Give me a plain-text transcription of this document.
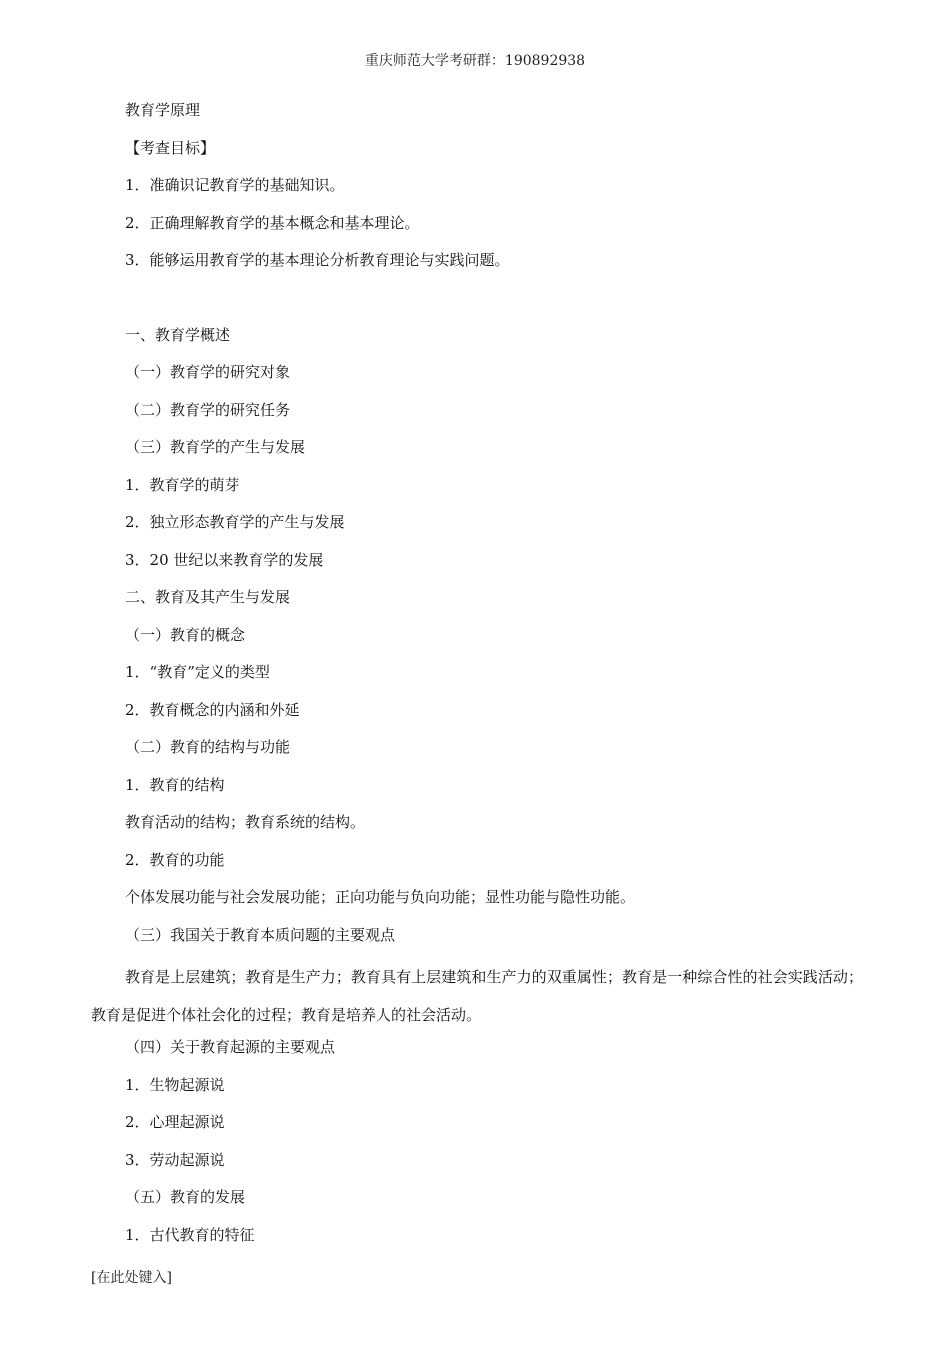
重庆师范大学考研群：190892938
教育学原理
【考查目标】
1．准确识记教育学的基础知识。
2．正确理解教育学的基本概念和基本理论。
3．能够运用教育学的基本理论分析教育理论与实践问题。
一、教育学概述
（一）教育学的研究对象
（二）教育学的研究任务
（三）教育学的产生与发展
1．教育学的萌芽
2．独立形态教育学的产生与发展
3．20 世纪以来教育学的发展
二、教育及其产生与发展
（一）教育的概念
1．“教育”定义的类型
2．教育概念的内涵和外延
（二）教育的结构与功能
1．教育的结构
教育活动的结构；教育系统的结构。
2．教育的功能
个体发展功能与社会发展功能；正向功能与负向功能；显性功能与隐性功能。
（三）我国关于教育本质问题的主要观点

教育是上层建筑；教育是生产力；教育具有上层建筑和生产力的双重属性；教育是一种综合性的社会实践活动；教育是促进个体社会化的过程；教育是培养人的社会活动。

（四）关于教育起源的主要观点
1．生物起源说
2．心理起源说
3．劳动起源说
（五）教育的发展
1．古代教育的特征
[在此处键入]
